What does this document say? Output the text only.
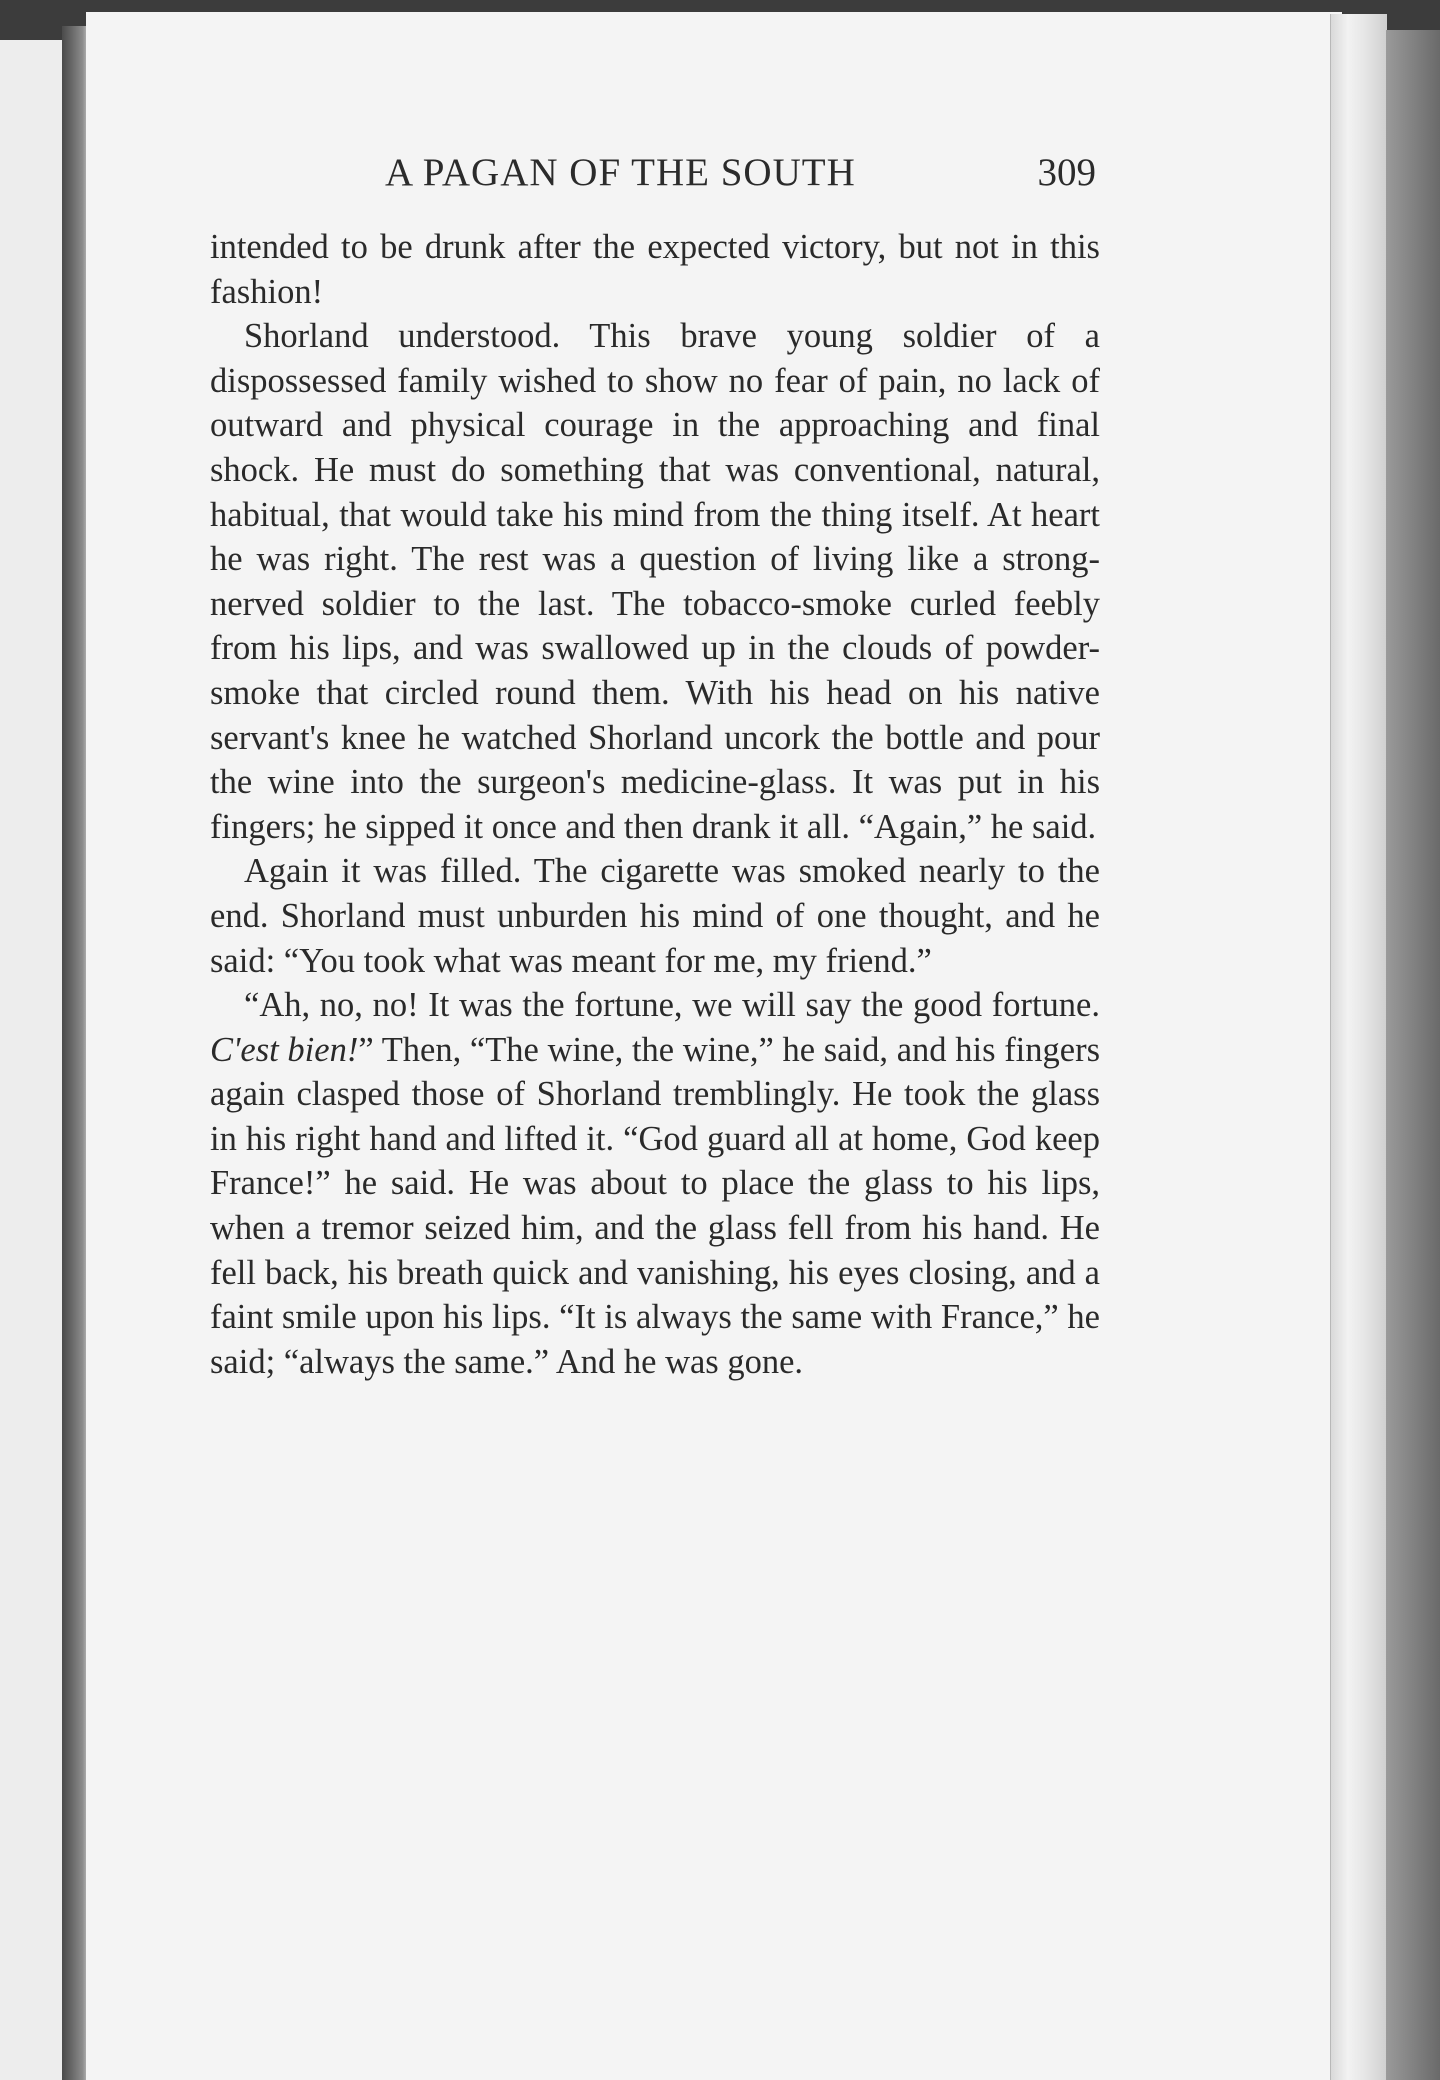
A PAGAN OF THE SOUTH	309

intended to be drunk after the expected victory, but not in this fashion!

Shorland understood. This brave young soldier of a dispossessed family wished to show no fear of pain, no lack of outward and physical courage in the approaching and final shock. He must do something that was conventional, natural, habitual, that would take his mind from the thing itself. At heart he was right. The rest was a question of living like a strong-nerved soldier to the last. The tobacco-smoke curled feebly from his lips, and was swallowed up in the clouds of powder-smoke that circled round them. With his head on his native servant's knee he watched Shorland uncork the bottle and pour the wine into the surgeon's medicine-glass. It was put in his fingers; he sipped it once and then drank it all. “Again,” he said.

Again it was filled. The cigarette was smoked nearly to the end. Shorland must unburden his mind of one thought, and he said: “You took what was meant for me, my friend.”

“Ah, no, no! It was the fortune, we will say the good fortune. C'est bien!” Then, “The wine, the wine,” he said, and his fingers again clasped those of Shorland tremblingly. He took the glass in his right hand and lifted it. “God guard all at home, God keep France!” he said. He was about to place the glass to his lips, when a tremor seized him, and the glass fell from his hand. He fell back, his breath quick and vanishing, his eyes closing, and a faint smile upon his lips. “It is always the same with France,” he said; “always the same.” And he was gone.
